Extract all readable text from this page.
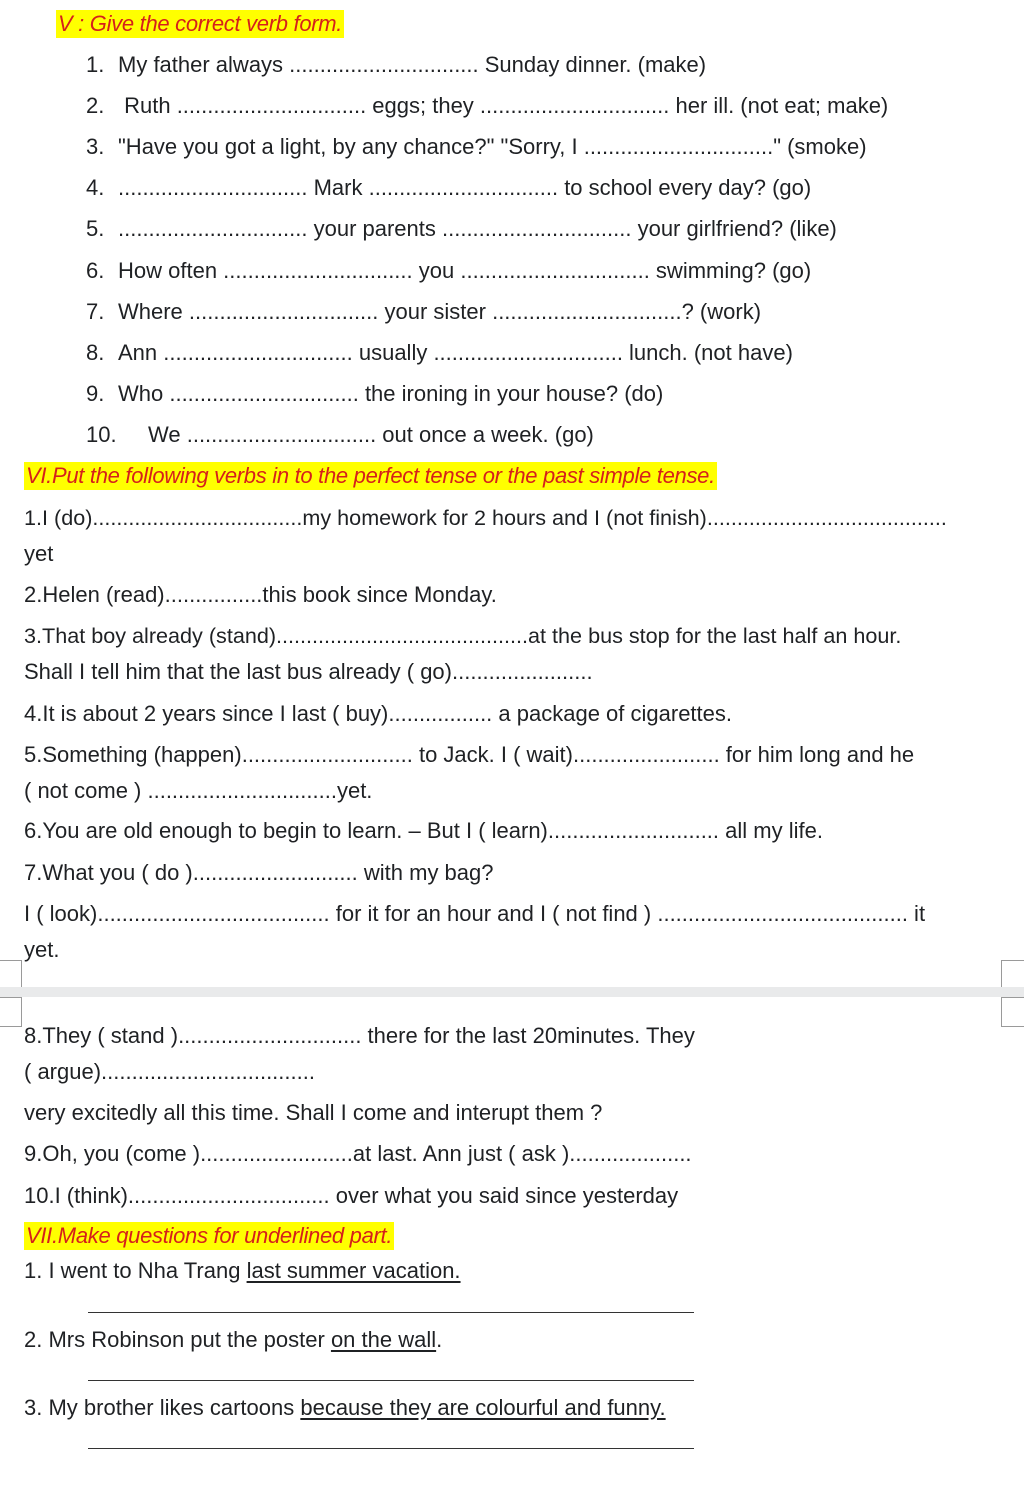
V : Give the correct verb form.
1. My father always ............................... Sunday dinner. (make)
2. Ruth ............................... eggs; they ............................... her ill. (not eat; make)
3. "Have you got a light, by any chance?" "Sorry, I ..............................." (smoke)
4. ............................... Mark ............................... to school every day? (go)
5. ............................... your parents ............................... your girlfriend? (like)
6. How often ............................... you ............................... swimming? (go)
7. Where ............................... your sister ...............................? (work)
8. Ann ............................... usually ............................... lunch. (not have)
9. Who ............................... the ironing in your house? (do)
10. We ............................... out once a week. (go)
VI.Put the following verbs in to the perfect tense or the past simple tense.
1.I (do)...................................my homework for 2 hours and I (not finish)........................................
yet
2.Helen (read)................this book since Monday.
3.That boy already (stand)..........................................at the bus stop for the last half an hour.
Shall I tell him that the last bus already ( go).......................
4.It is about 2 years since I last ( buy)................. a package of cigarettes.
5.Something (happen)............................ to Jack. I ( wait)........................ for him long and he
( not come ) ...............................yet.
6.You are old enough to begin to learn. – But I ( learn)............................ all my life.
7.What you ( do )........................... with my bag?
I ( look)...................................... for it for an hour and I ( not find ) ......................................... it
yet.
8.They ( stand ).............................. there for the last 20minutes. They
( argue)...................................
very excitedly all this time. Shall I come and interupt them ?
9.Oh, you (come ).........................at last. Ann just ( ask )....................
10.I (think)................................. over what you said since yesterday
VII.Make questions for underlined part.
1. I went to Nha Trang last summer vacation.
2. Mrs Robinson put the poster on the wall.
3. My brother likes cartoons because they are colourful and funny.
